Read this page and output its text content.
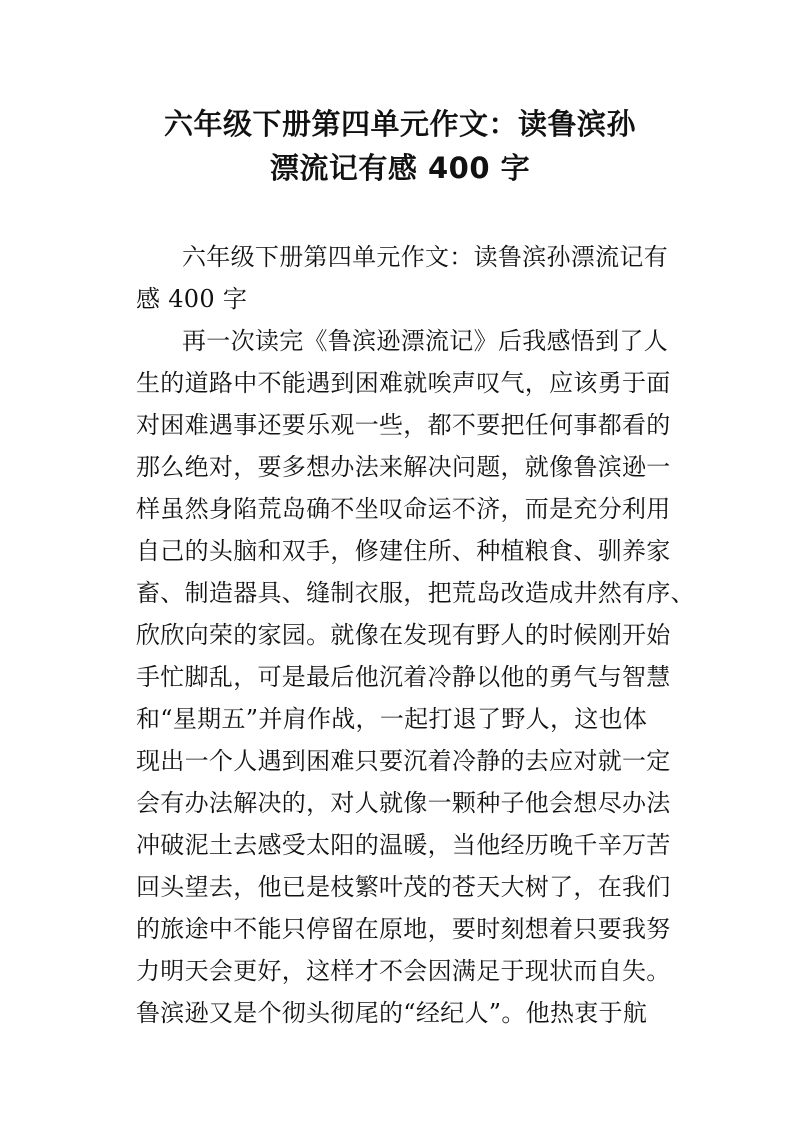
六年级下册第四单元作文：读鲁滨孙
漂流记有感 400 字
六年级下册第四单元作文：读鲁滨孙漂流记有
感 400 字
再一次读完《鲁滨逊漂流记》后我感悟到了人
生的道路中不能遇到困难就唉声叹气，应该勇于面
对困难遇事还要乐观一些，都不要把任何事都看的
那么绝对，要多想办法来解决问题，就像鲁滨逊一
样虽然身陷荒岛确不坐叹命运不济，而是充分利用
自己的头脑和双手，修建住所、种植粮食、驯养家
畜、制造器具、缝制衣服，把荒岛改造成井然有序、
欣欣向荣的家园。就像在发现有野人的时候刚开始
手忙脚乱，可是最后他沉着冷静以他的勇气与智慧
和“星期五”并肩作战，一起打退了野人，这也体
现出一个人遇到困难只要沉着冷静的去应对就一定
会有办法解决的，对人就像一颗种子他会想尽办法
冲破泥土去感受太阳的温暖，当他经历晚千辛万苦
回头望去，他已是枝繁叶茂的苍天大树了，在我们
的旅途中不能只停留在原地，要时刻想着只要我努
力明天会更好，这样才不会因满足于现状而自失。
鲁滨逊又是个彻头彻尾的“经纪人”。他热衷于航
